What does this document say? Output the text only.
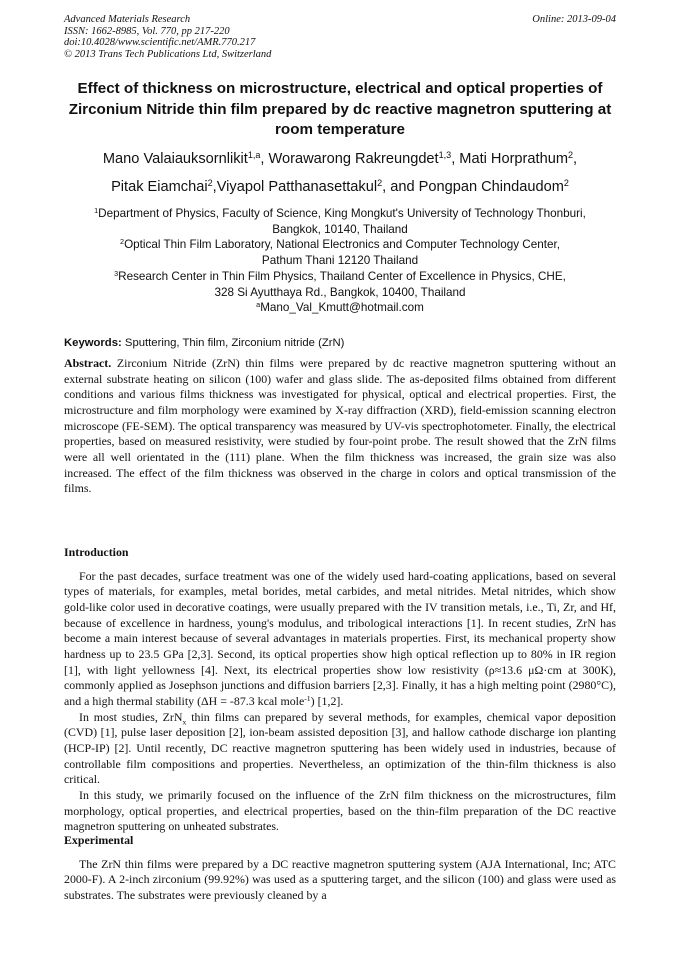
Advanced Materials Research
ISSN: 1662-8985, Vol. 770, pp 217-220
doi:10.4028/www.scientific.net/AMR.770.217
© 2013 Trans Tech Publications Ltd, Switzerland
Online: 2013-09-04
Effect of thickness on microstructure, electrical and optical properties of Zirconium Nitride thin film prepared by dc reactive magnetron sputtering at room temperature
Mano Valaiauksornlikit$^{1,a}$, Worawarong Rakreungdet$^{1,3}$, Mati Horprathum$^2$,
Pitak Eiamchai$^2$,Viyapol Patthanasettakul$^2$, and Pongpan Chindaudom$^2$
$^1$Department of Physics, Faculty of Science, King Mongkut's University of Technology Thonburi,
Bangkok, 10140, Thailand
$^2$Optical Thin Film Laboratory, National Electronics and Computer Technology Center,
Pathum Thani 12120 Thailand
$^3$Research Center in Thin Film Physics, Thailand Center of Excellence in Physics, CHE,
328 Si Ayutthaya Rd., Bangkok, 10400, Thailand
$^a$Mano_Val_Kmutt@hotmail.com
Keywords: Sputtering, Thin film, Zirconium nitride (ZrN)

Abstract. Zirconium Nitride (ZrN) thin films were prepared by dc reactive magnetron sputtering without an external substrate heating on silicon (100) wafer and glass slide. The as-deposited films obtained from different conditions and various films thickness was investigated for physical, optical and electrical properties. First, the microstructure and film morphology were examined by X-ray diffraction (XRD), field-emission scanning electron microscope (FE-SEM). The optical transparency was measured by UV-vis spectrophotometer. Finally, the electrical properties, based on measured resistivity, were studied by four-point probe. The result showed that the ZrN films were all well orientated in the (111) plane. When the film thickness was increased, the grain size was also increased. The effect of the film thickness was observed in the charge in colors and optical transmission of the films.

Introduction

For the past decades, surface treatment was one of the widely used hard-coating applications, based on several types of materials, for examples, metal borides, metal carbides, and metal nitrides. Metal nitrides, which show gold-like color used in decorative coatings, were usually prepared with the IV transition metals, i.e., Ti, Zr, and Hf, because of excellence in hardness, young's modulus, and tribological interactions [1]. In recent studies, ZrN has become a main interest because of several advantages in materials properties. First, its mechanical property show hardness up to 23.5 GPa [2,3]. Second, its optical properties show high optical reflection up to 80% in IR region [1], with light yellowness [4]. Next, its electrical properties show low resistivity (ρ≈13.6 μΩ·cm at 300K), commonly applied as Josephson junctions and diffusion barriers [2,3]. Finally, it has a high melting point (2980°C), and a high thermal stability (ΔH = -87.3 kcal mole$^{-1}$) [1,2].

In most studies, ZrN$_x$ thin films can prepared by several methods, for examples, chemical vapor deposition (CVD) [1], pulse laser deposition [2], ion-beam assisted deposition [3], and hallow cathode discharge ion planting (HCP-IP) [2]. Until recently, DC reactive magnetron sputtering has been widely used in industries, because of controllable film compositions and properties. Nevertheless, an optimization of the thin-film thickness is also critical.

In this study, we primarily focused on the influence of the ZrN film thickness on the microstructures, film morphology, optical properties, and electrical properties, based on the thin-film preparation of the DC reactive magnetron sputtering on unheated substrates.

Experimental

The ZrN thin films were prepared by a DC reactive magnetron sputtering system (AJA International, Inc; ATC 2000-F). A 2-inch zirconium (99.92%) was used as a sputtering target, and the silicon (100) and glass were used as substrates. The substrates were previously cleaned by a
